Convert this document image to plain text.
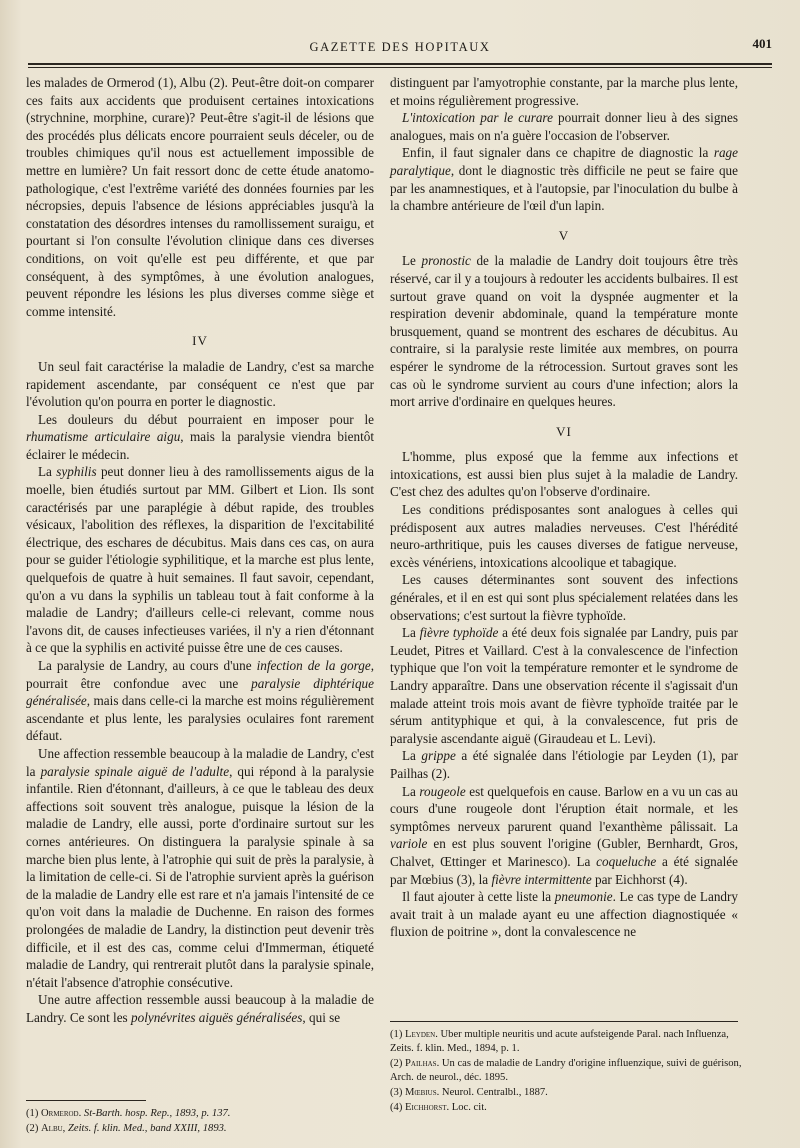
GAZETTE DES HOPITAUX	401

les malades de Ormerod (1), Albu (2). Peut-être doit-on comparer ces faits aux accidents que produisent certaines intoxications (strychnine, morphine, curare)? Peut-être s'agit-il de lésions que des procédés plus délicats encore pourraient seuls déceler, ou de troubles chimiques qu'il nous est actuellement impossible de mettre en lumière? Un fait ressort donc de cette étude anatomo-pathologique, c'est l'extrême variété des données fournies par les nécropsies, depuis l'absence de lésions appréciables jusqu'à la constatation des désordres intenses du ramollissement suraigu, et pourtant si l'on consulte l'évolution clinique dans ces diverses conditions, on voit qu'elle est peu différente, et que par conséquent, à des symptômes, à une évolution analogues, peuvent répondre les lésions les plus diverses comme siège et comme intensité.

IV

Un seul fait caractérise la maladie de Landry, c'est sa marche rapidement ascendante, par conséquent ce n'est que par l'évolution qu'on pourra en porter le diagnostic.

Les douleurs du début pourraient en imposer pour le rhumatisme articulaire aigu, mais la paralysie viendra bientôt éclairer le médecin.

La syphilis peut donner lieu à des ramollissements aigus de la moelle, bien étudiés surtout par MM. Gilbert et Lion. Ils sont caractérisés par une paraplégie à début rapide, des troubles vésicaux, l'abolition des réflexes, la disparition de l'excitabilité électrique, des eschares de décubitus. Mais dans ces cas, on aura pour se guider l'étiologie syphilitique, et la marche est plus lente, quelquefois de quatre à huit semaines. Il faut savoir, cependant, qu'on a vu dans la syphilis un tableau tout à fait conforme à la maladie de Landry; d'ailleurs celle-ci relevant, comme nous l'avons dit, de causes infectieuses variées, il n'y a rien d'étonnant à ce que la syphilis en activité puisse être une de ces causes.

La paralysie de Landry, au cours d'une infection de la gorge, pourrait être confondue avec une paralysie diphtérique généralisée, mais dans celle-ci la marche est moins régulièrement ascendante et plus lente, les paralysies oculaires font rarement défaut.

Une affection ressemble beaucoup à la maladie de Landry, c'est la paralysie spinale aiguë de l'adulte, qui répond à la paralysie infantile. Rien d'étonnant, d'ailleurs, à ce que le tableau des deux affections soit souvent très analogue, puisque la lésion de la maladie de Landry, elle aussi, porte d'ordinaire surtout sur les cornes antérieures. On distinguera la paralysie spinale à sa marche bien plus lente, à l'atrophie qui suit de près la paralysie, à la limitation de celle-ci. Si de l'atrophie survient après la guérison de la maladie de Landry elle est rare et n'a jamais l'intensité de ce qu'on voit dans la maladie de Duchenne. En raison des formes prolongées de maladie de Landry, la distinction peut devenir très difficile, et il est des cas, comme celui d'Immerman, étiqueté maladie de Landry, qui rentrerait plutôt dans la paralysie spinale, n'était l'absence d'atrophie consécutive.

Une autre affection ressemble aussi beaucoup à la maladie de Landry. Ce sont les polynévrites aiguës généralisées, qui se

(1) Ormerod. St-Barth. hosp. Rep., 1893, p. 137.

(2) Albu, Zeits. f. klin. Med., band XXIII, 1893.

distinguent par l'amyotrophie constante, par la marche plus lente, et moins régulièrement progressive.

L'intoxication par le curare pourrait donner lieu à des signes analogues, mais on n'a guère l'occasion de l'observer.

Enfin, il faut signaler dans ce chapitre de diagnostic la rage paralytique, dont le diagnostic très difficile ne peut se faire que par les anamnestiques, et à l'autopsie, par l'inoculation du bulbe à la chambre antérieure de l'œil d'un lapin.

V

Le pronostic de la maladie de Landry doit toujours être très réservé, car il y a toujours à redouter les accidents bulbaires. Il est surtout grave quand on voit la dyspnée augmenter et la respiration devenir abdominale, quand la température monte brusquement, quand se montrent des eschares de décubitus. Au contraire, si la paralysie reste limitée aux membres, on pourra espérer le syndrome de la rétrocession. Surtout graves sont les cas où le syndrome survient au cours d'une infection; alors la mort arrive d'ordinaire en quelques heures.

VI

L'homme, plus exposé que la femme aux infections et intoxications, est aussi bien plus sujet à la maladie de Landry. C'est chez des adultes qu'on l'observe d'ordinaire.

Les conditions prédisposantes sont analogues à celles qui prédisposent aux autres maladies nerveuses. C'est l'hérédité neuro-arthritique, puis les causes diverses de fatigue nerveuse, excès vénériens, intoxications alcoolique et tabagique.

Les causes déterminantes sont souvent des infections générales, et il en est qui sont plus spécialement relatées dans les observations; c'est surtout la fièvre typhoïde.

La fièvre typhoïde a été deux fois signalée par Landry, puis par Leudet, Pitres et Vaillard. C'est à la convalescence de l'infection typhique que l'on voit la température remonter et le syndrome de Landry apparaître. Dans une observation récente il s'agissait d'un malade atteint trois mois avant de fièvre typhoïde traitée par le sérum antityphique et qui, à la convalescence, fut pris de paralysie ascendante aiguë (Giraudeau et L. Levi).

La grippe a été signalée dans l'étiologie par Leyden (1), par Pailhas (2).

La rougeole est quelquefois en cause. Barlow en a vu un cas au cours d'une rougeole dont l'éruption était normale, et les symptômes nerveux parurent quand l'exanthème pâlissait. La variole en est plus souvent l'origine (Gubler, Bernhardt, Gros, Chalvet, Œttinger et Marinesco). La coqueluche a été signalée par Mœbius (3), la fièvre intermittente par Eichhorst (4).

Il faut ajouter à cette liste la pneumonie. Le cas type de Landry avait trait à un malade ayant eu une affection diagnostiquée « fluxion de poitrine », dont la convalescence ne

(1) Leyden. Uber multiple neuritis und acute aufsteigende Paral. nach Influenza, Zeits. f. klin. Med., 1894, p. 1.

(2) Pailhas. Un cas de maladie de Landry d'origine influenzique, suivi de guérison, Arch. de neurol., déc. 1895.

(3) Mœbius. Neurol. Centralbl., 1887.

(4) Eichhorst. Loc. cit.
